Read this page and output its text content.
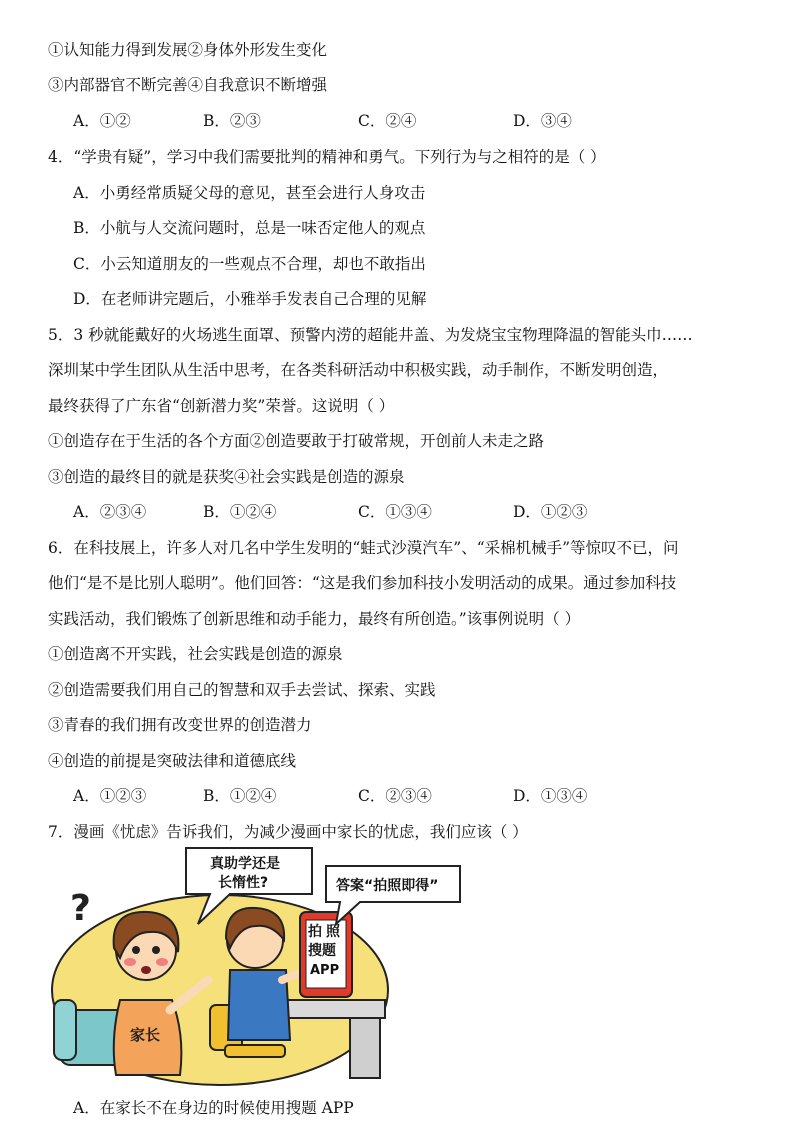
①认知能力得到发展②身体外形发生变化
③内部器官不断完善④自我意识不断增强
A．①②	B．②③	C．②④	D．③④
4．“学贵有疑”，学习中我们需要批判的精神和勇气。下列行为与之相符的是（ ）
A．小勇经常质疑父母的意见，甚至会进行人身攻击
B．小航与人交流问题时，总是一味否定他人的观点
C．小云知道朋友的一些观点不合理，却也不敢指出
D．在老师讲完题后，小雅举手发表自己合理的见解
5．3 秒就能戴好的火场逃生面罩、预警内涝的超能井盖、为发烧宝宝物理降温的智能头巾……
深圳某中学生团队从生活中思考，在各类科研活动中积极实践，动手制作，不断发明创造，
最终获得了广东省“创新潜力奖”荣誉。这说明（ ）
①创造存在于生活的各个方面②创造要敢于打破常规，开创前人未走之路
③创造的最终目的就是获奖④社会实践是创造的源泉
A．②③④	B．①②④	C．①③④	D．①②③
6．在科技展上，许多人对几名中学生发明的“蛙式沙漠汽车”、“采棉机械手”等惊叹不已，问
他们“是不是比别人聪明”。他们回答：“这是我们参加科技小发明活动的成果。通过参加科技
实践活动，我们锻炼了创新思维和动手能力，最终有所创造。”该事例说明（ ）
①创造离不开实践，社会实践是创造的源泉
②创造需要我们用自己的智慧和双手去尝试、探索、实践
③青春的我们拥有改变世界的创造潜力
④创造的前提是突破法律和道德底线
A．①②③	B．①②④	C．②③④	D．①③④
7．漫画《忧虑》告诉我们，为减少漫画中家长的忧虑，我们应该（ ）
家长
?
拍 照
搜题
APP
真助学还是
长惰性?	答案“拍照即得”
A．在家长不在身边的时候使用搜题 APP
